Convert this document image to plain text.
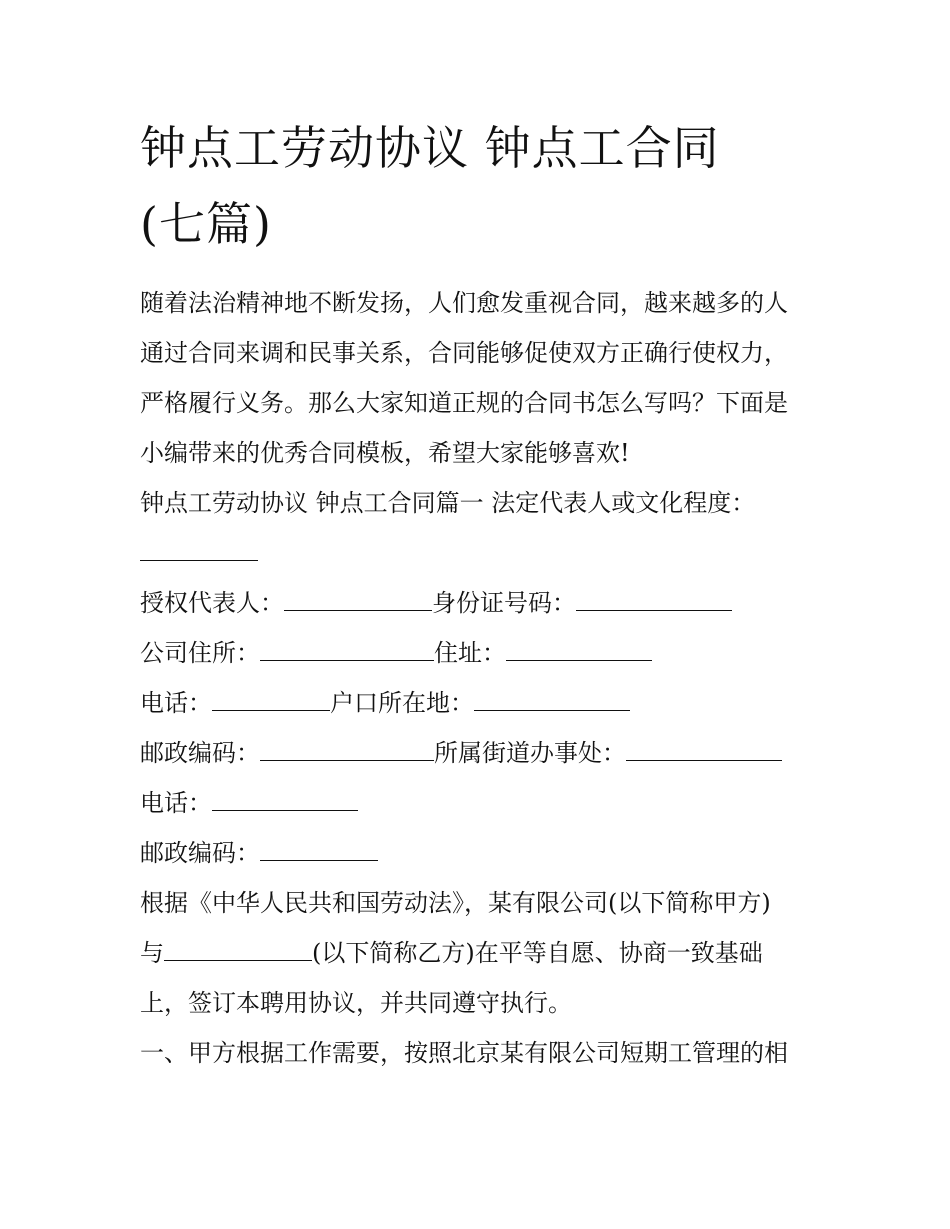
钟点工劳动协议 钟点工合同
(七篇)
随着法治精神地不断发扬，人们愈发重视合同，越来越多的人
通过合同来调和民事关系，合同能够促使双方正确行使权力，
严格履行义务。那么大家知道正规的合同书怎么写吗？下面是
小编带来的优秀合同模板，希望大家能够喜欢!
钟点工劳动协议 钟点工合同篇一 法定代表人或文化程度：
授权代表人：	身份证号码：
公司住所：	住址：
电话：	户口所在地：
邮政编码：	所属街道办事处：
电话：
邮政编码：
根据《中华人民共和国劳动法》，某有限公司(以下简称甲方)
与	(以下简称乙方)在平等自愿、协商一致基础
上，签订本聘用协议，并共同遵守执行。
一、甲方根据工作需要，按照北京某有限公司短期工管理的相
